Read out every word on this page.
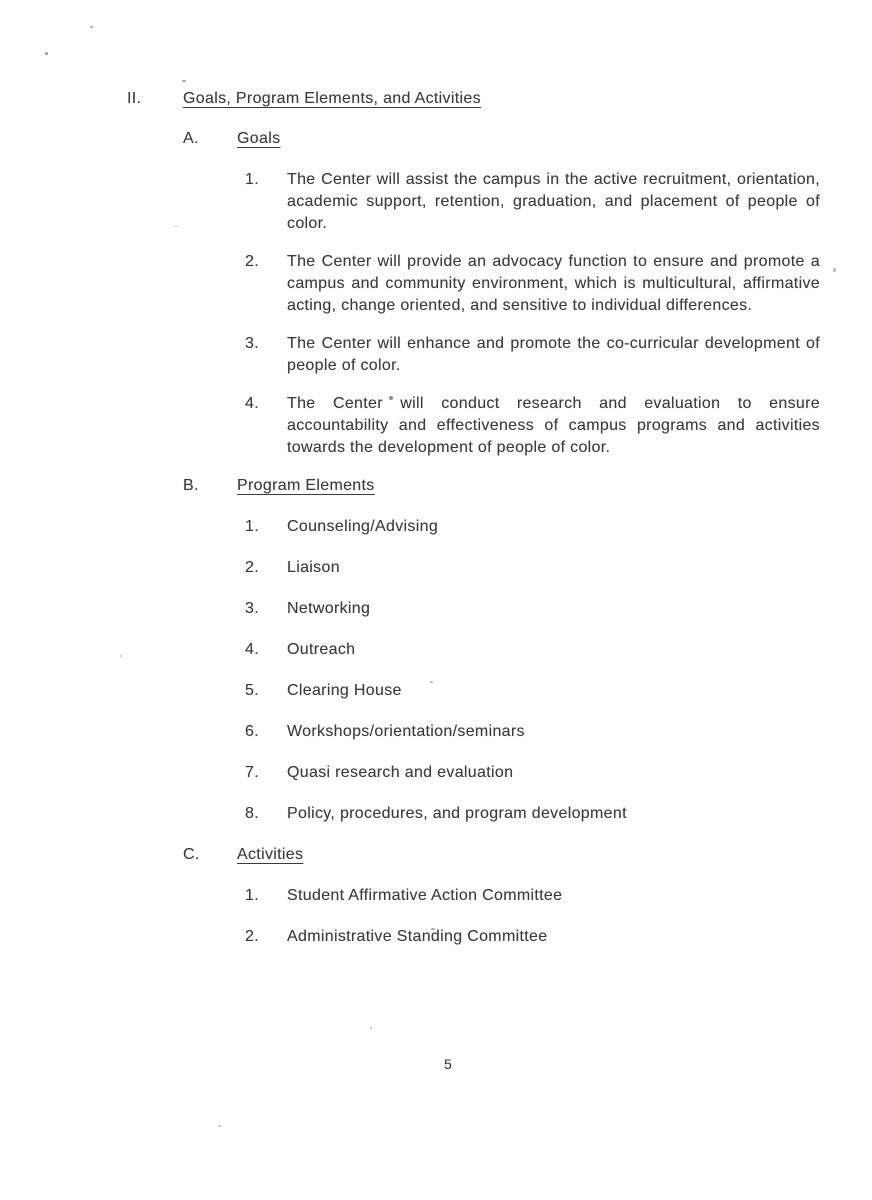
II.	Goals, Program Elements, and Activities
A.	Goals
1.	The Center will assist the campus in the active recruitment, orientation, academic support, retention, graduation, and placement of people of color.
2.	The Center will provide an advocacy function to ensure and promote a campus and community environment, which is multicultural, affirmative acting, change oriented, and sensitive to individual differences.
3.	The Center will enhance and promote the co-curricular development of people of color.
4.	The Center will conduct research and evaluation to ensure accountability and effectiveness of campus programs and activities towards the development of people of color.
B.	Program Elements
1.	Counseling/Advising
2.	Liaison
3.	Networking
4.	Outreach
5.	Clearing House
6.	Workshops/orientation/seminars
7.	Quasi research and evaluation
8.	Policy, procedures, and program development
C.	Activities
1.	Student Affirmative Action Committee
2.	Administrative Standing Committee
5
